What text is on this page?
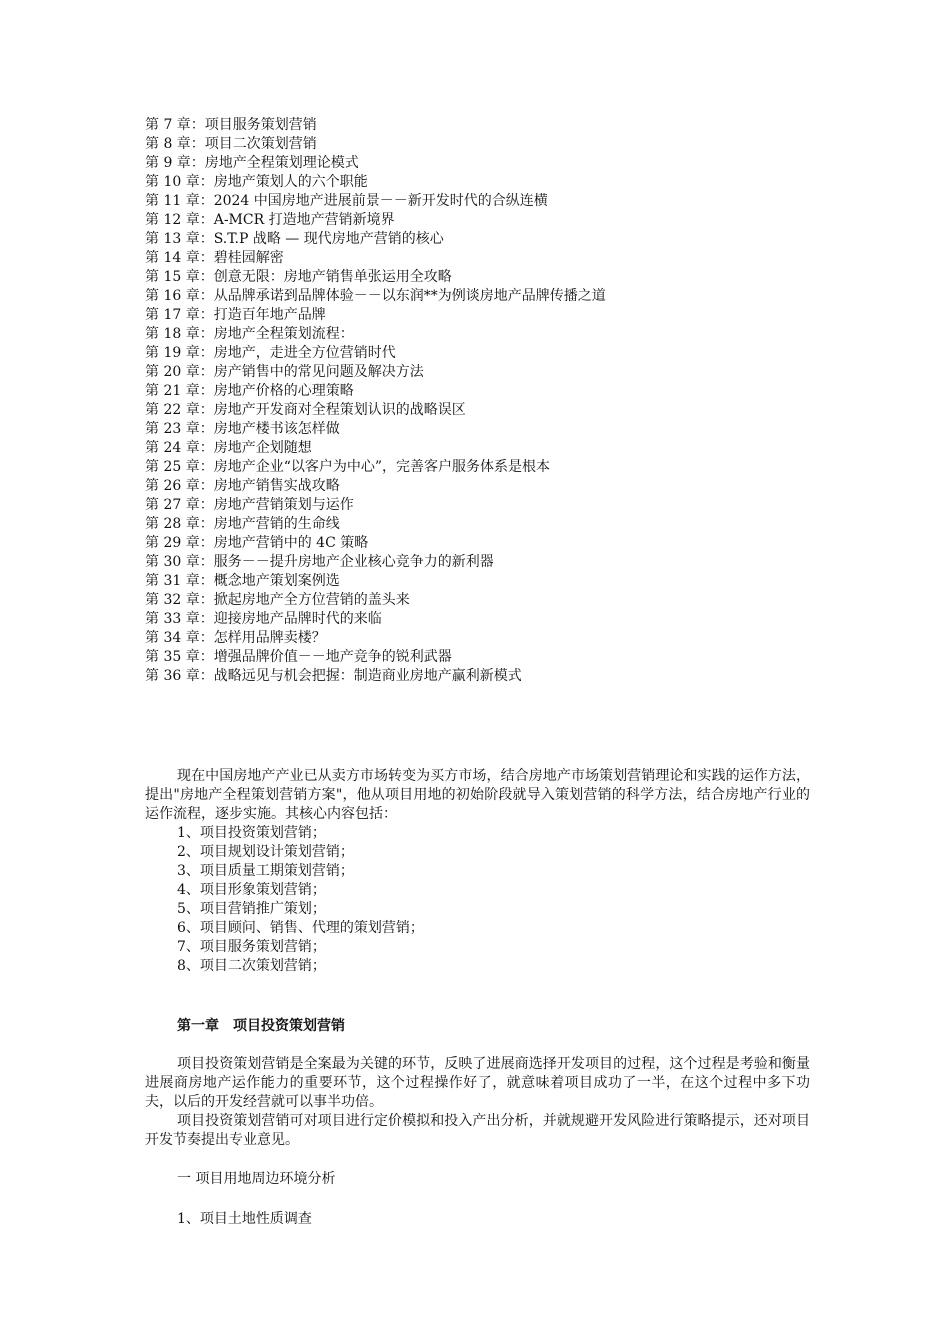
第 7 章：项目服务策划营销
第 8 章：项目二次策划营销
第 9 章：房地产全程策划理论模式
第 10 章：房地产策划人的六个职能
第 11 章：2024 中国房地产进展前景－－新开发时代的合纵连横
第 12 章：A-MCR 打造地产营销新境界
第 13 章：S.T.P 战略 — 现代房地产营销的核心
第 14 章：碧桂园解密
第 15 章：创意无限：房地产销售单张运用全攻略
第 16 章：从品牌承诺到品牌体验－－以东润**为例谈房地产品牌传播之道
第 17 章：打造百年地产品牌
第 18 章：房地产全程策划流程：
第 19 章：房地产，走进全方位营销时代
第 20 章：房产销售中的常见问题及解决方法
第 21 章：房地产价格的心理策略
第 22 章：房地产开发商对全程策划认识的战略误区
第 23 章：房地产楼书该怎样做
第 24 章：房地产企划随想
第 25 章：房地产企业“以客户为中心”，完善客户服务体系是根本
第 26 章：房地产销售实战攻略
第 27 章：房地产营销策划与运作
第 28 章：房地产营销的生命线
第 29 章：房地产营销中的 4C 策略
第 30 章：服务－－提升房地产企业核心竞争力的新利器
第 31 章：概念地产策划案例选
第 32 章：掀起房地产全方位营销的盖头来
第 33 章：迎接房地产品牌时代的来临
第 34 章：怎样用品牌卖楼？
第 35 章：增强品牌价值－－地产竞争的锐利武器
第 36 章：战略远见与机会把握：制造商业房地产赢利新模式

现在中国房地产产业已从卖方市场转变为买方市场，结合房地产市场策划营销理论和实践的运作方法，提出"房地产全程策划营销方案"，他从项目用地的初始阶段就导入策划营销的科学方法，结合房地产行业的运作流程，逐步实施。其核心内容包括：

1、项目投资策划营销；
2、项目规划设计策划营销；
3、项目质量工期策划营销；
4、项目形象策划营销；
5、项目营销推广策划；
6、项目顾问、销售、代理的策划营销；
7、项目服务策划营销；
8、项目二次策划营销；
第一章　项目投资策划营销

项目投资策划营销是全案最为关键的环节，反映了进展商选择开发项目的过程，这个过程是考验和衡量进展商房地产运作能力的重要环节，这个过程操作好了，就意味着项目成功了一半，在这个过程中多下功夫，以后的开发经营就可以事半功倍。

项目投资策划营销可对项目进行定价模拟和投入产出分析，并就规避开发风险进行策略提示，还对项目开发节奏提出专业意见。

一 项目用地周边环境分析
1、项目土地性质调查
